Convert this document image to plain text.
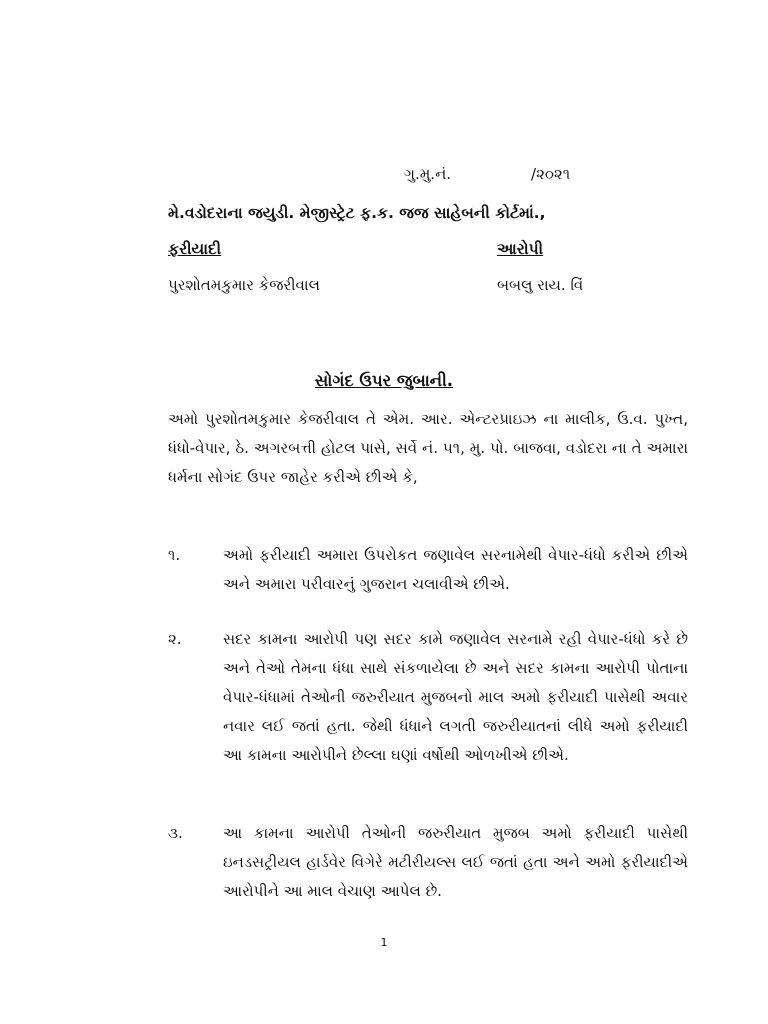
ગુ.મુ.નં.	/૨૦૨૧
મે.વડોદરાના જયુડી. મેજીસ્ટ્રેટ ફ.ક. જજ સાહેબની કોર્ટમાં.,
ફરીયાદી	આરોપી
પુરશોતમકુમાર કેજરીવાલ	બબલુ રાય. વિં
સોગંદ ઉપર જુબાની.
અમો પુરશોતમકુમાર કેજરીવાલ તે એમ. આર. એન્ટરપ્રાઇઝ ના માલીક, ઉ.વ. પુખ્ત, ધંધો-વેપાર, ઠે. અગરબત્તી હોટલ પાસે, સર્વે નં. ૫૧, મુ. પો. બાજવા, વડોદરા ના તે અમારા ધર્મના સોગંદ ઉપર જાહેર કરીએ છીએ કે,
૧.	અમો ફરીયાદી અમારા ઉપરોકત જણાવેલ સરનામેથી વેપાર-ધંધો કરીએ છીએ અને અમારા પરીવારનું ગુજરાન ચલાવીએ છીએ.
૨.	સદર કામના આરોપી પણ સદર કામે જણાવેલ સરનામે રહી વેપાર-ધંધો કરે છે અને તેઓ તેમના ધંધા સાથે સંકળાયેલા છે અને સદર કામના આરોપી પોતાના વેપાર-ધંધામાં તેઓની જરુરીયાત મુજબનો માલ અમો ફરીયાદી પાસેથી અવાર નવાર લઈ જતાં હતા. જેથી ધંધાને લગતી જરુરીયાતનાં લીધે અમો ફરીયાદી આ કામના આરોપીને છેલ્લા ઘણાં વર્ષોથી ઓળખીએ છીએ.
૩.	આ કામના આરોપી તેઓની જરુરીયાત મુજબ અમો ફરીયાદી પાસેથી ઇનડસટ્રીયલ હાર્ડવેર વિગેરે મટીરીયલ્સ લઈ જતાં હતા અને અમો ફરીયાદીએ આરોપીને આ માલ વેચાણ આપેલ છે.
1
